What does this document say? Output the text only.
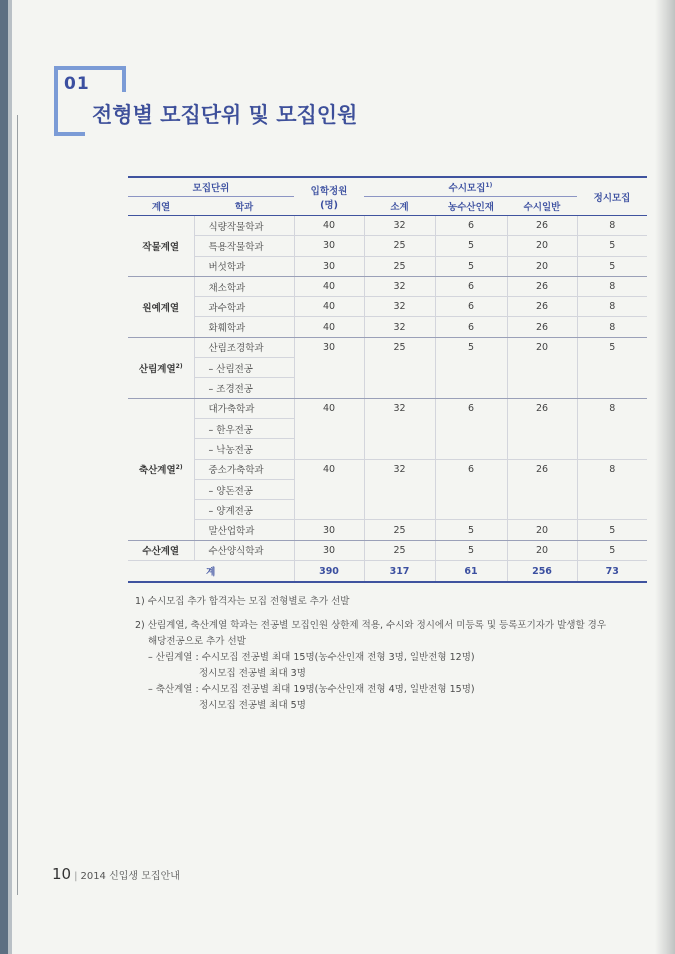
01
전형별 모집단위 및 모집인원
모집단위		입학정원
(명)	수시모집$^{1)}$			정시모집
계열	학과		소계	농수산인재	수시일반	
작물계열	식량작물학과	40	32	6	26	8
	특용작물학과	30	25	5	20	5
	버섯학과	30	25	5	20	5
원예계열	채소학과	40	32	6	26	8
	과수학과	40	32	6	26	8
	화훼학과	40	32	6	26	8
산림계열$^{2)}$	산림조경학과	30	25	5	20	5
	– 산림전공					
	– 조경전공					
축산계열$^{2)}$	대가축학과	40	32	6	26	8
	– 한우전공					
	– 낙농전공					
	중소가축학과	40	32	6	26	8
	– 양돈전공					
	– 양계전공					
	말산업학과	30	25	5	20	5
수산계열	수산양식학과	30	25	5	20	5
계		390	317	61	256	73

1) 수시모집 추가 합격자는 모집 전형별로 추가 선발

2) 산림계열, 축산계열 학과는 전공별 모집인원 상한제 적용, 수시와 정시에서 미등록 및 등록포기자가 발생할 경우

해당전공으로 추가 선발

– 산림계열 : 수시모집 전공별 최대 15명(농수산인재 전형 3명, 일반전형 12명)

정시모집 전공별 최대 3명

– 축산계열 : 수시모집 전공별 최대 19명(농수산인재 전형 4명, 일반전형 15명)

정시모집 전공별 최대 5명

10 | 2014 신입생 모집안내
